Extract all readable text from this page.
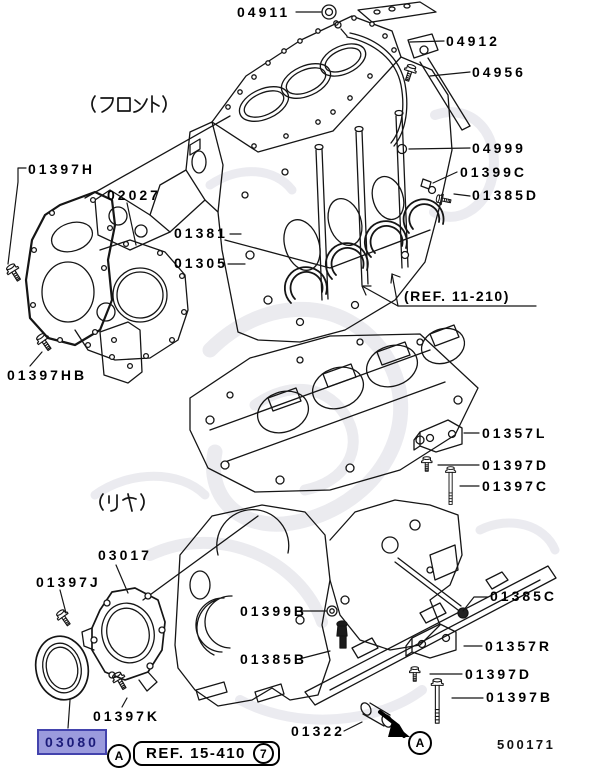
04911
04912
04956
04999
01399C
01385D
01397H
02027
01381
01305
01397HB
01357L
01397D
01397C
03017
01397J
01399B
01385C
01385B
01357R
01397D
01397B
01397K
01322
(REF. 11-210)
A
03080
A REF. 15-410 7
500171
